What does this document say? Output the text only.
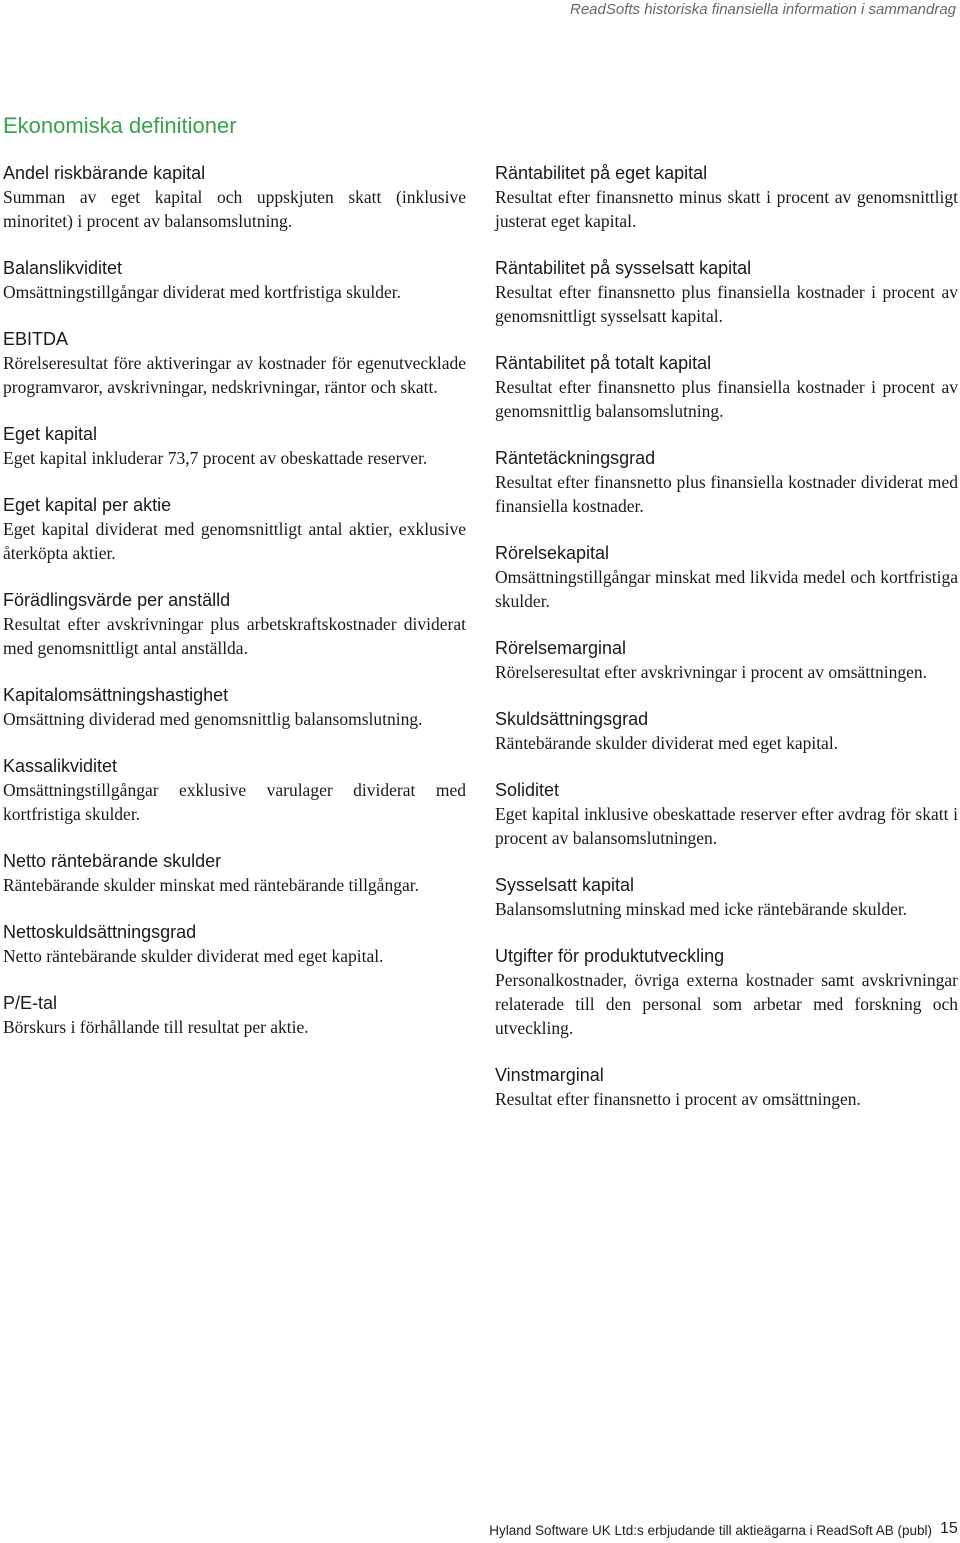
ReadSofts historiska finansiella information i sammandrag
Ekonomiska definitioner

Andel riskbärande kapital

Summan av eget kapital och uppskjuten skatt (inklusive minoritet) i procent av balansomslutning.

Balanslikviditet

Omsättningstillgångar dividerat med kortfristiga skulder.

EBITDA

Rörelseresultat före aktiveringar av kostnader för egenutvecklade programvaror, avskrivningar, nedskrivningar, räntor och skatt.

Eget kapital

Eget kapital inkluderar 73,7 procent av obeskattade reserver.

Eget kapital per aktie

Eget kapital dividerat med genomsnittligt antal aktier, exklusive återköpta aktier.

Förädlingsvärde per anställd

Resultat efter avskrivningar plus arbetskraftskostnader dividerat med genomsnittligt antal anställda.

Kapitalomsättningshastighet

Omsättning dividerad med genomsnittlig balansomslutning.

Kassalikviditet

Omsättningstillgångar exklusive varulager dividerat med kortfristiga skulder.

Netto räntebärande skulder

Räntebärande skulder minskat med räntebärande tillgångar.

Nettoskuldsättningsgrad

Netto räntebärande skulder dividerat med eget kapital.

P/E-tal

Börskurs i förhållande till resultat per aktie.

Räntabilitet på eget kapital

Resultat efter finansnetto minus skatt i procent av genomsnittligt justerat eget kapital.

Räntabilitet på sysselsatt kapital

Resultat efter finansnetto plus finansiella kostnader i procent av genomsnittligt sysselsatt kapital.

Räntabilitet på totalt kapital

Resultat efter finansnetto plus finansiella kostnader i procent av genomsnittlig balansomslutning.

Räntetäckningsgrad

Resultat efter finansnetto plus finansiella kostnader dividerat med finansiella kostnader.

Rörelsekapital

Omsättningstillgångar minskat med likvida medel och kortfristiga skulder.

Rörelsemarginal

Rörelseresultat efter avskrivningar i procent av omsättningen.

Skuldsättningsgrad

Räntebärande skulder dividerat med eget kapital.

Soliditet

Eget kapital inklusive obeskattade reserver efter avdrag för skatt i procent av balansomslutningen.

Sysselsatt kapital

Balansomslutning minskad med icke räntebärande skulder.

Utgifter för produktutveckling

Personalkostnader, övriga externa kostnader samt avskrivningar relaterade till den personal som arbetar med forskning och utveckling.

Vinstmarginal

Resultat efter finansnetto i procent av omsättningen.

Hyland Software UK Ltd:s erbjudande till aktieägarna i ReadSoft AB (publ) 15
